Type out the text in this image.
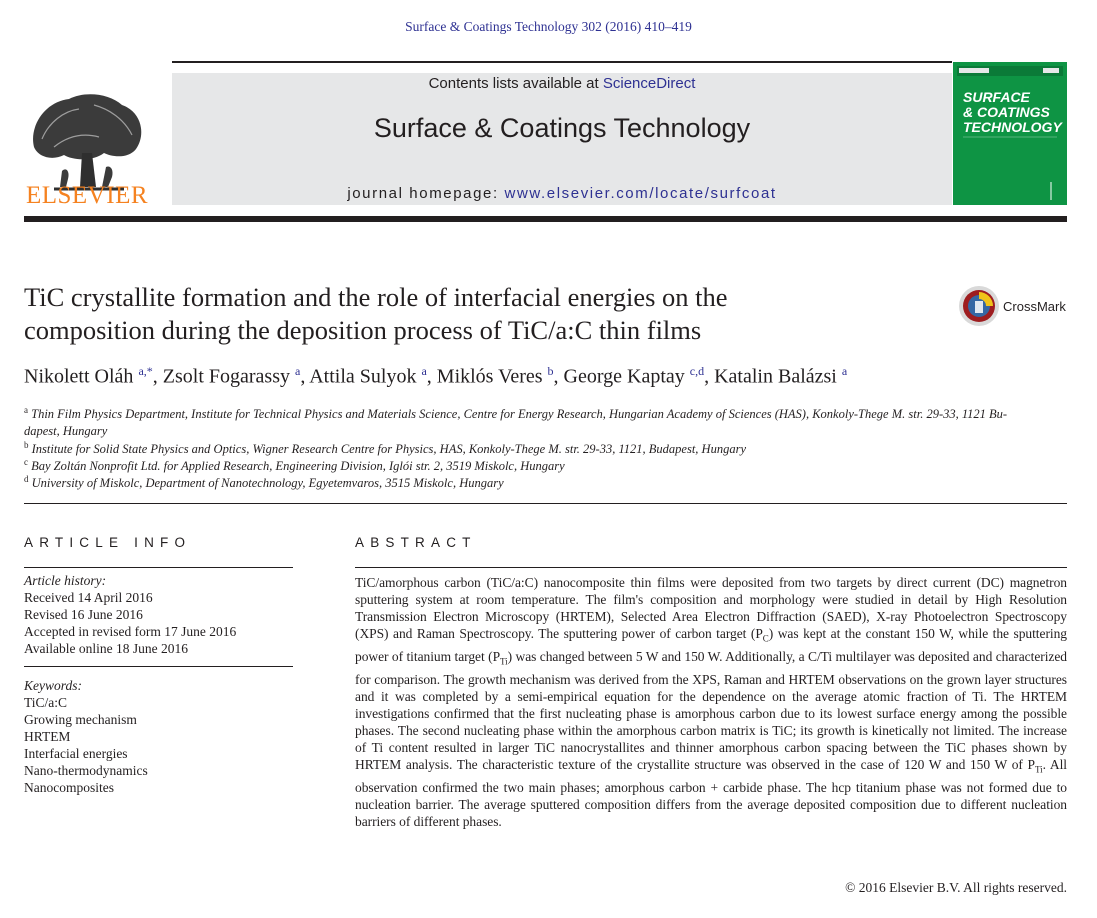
Surface & Coatings Technology 302 (2016) 410–419
ELSEVIER
Contents lists available at ScienceDirect
Surface & Coatings Technology
journal homepage: www.elsevier.com/locate/surfcoat
SURFACE
& COATINGS
TECHNOLOGY
TiC crystallite formation and the role of interfacial energies on the
composition during the deposition process of TiC/a:C thin films
CrossMark
Nikolett Oláh $^{a,*}$, Zsolt Fogarassy $^a$, Attila Sulyok $^a$, Miklós Veres $^b$, George Kaptay $^{c,d}$, Katalin Balázsi $^a$
$^a$ Thin Film Physics Department, Institute for Technical Physics and Materials Science, Centre for Energy Research, Hungarian Academy of Sciences (HAS), Konkoly-Thege M. str. 29-33, 1121 Bu-
dapest, Hungary
$^b$ Institute for Solid State Physics and Optics, Wigner Research Centre for Physics, HAS, Konkoly-Thege M. str. 29-33, 1121, Budapest, Hungary
$^c$ Bay Zoltán Nonprofit Ltd. for Applied Research, Engineering Division, Iglói str. 2, 3519 Miskolc, Hungary
$^d$ University of Miskolc, Department of Nanotechnology, Egyetemvaros, 3515 Miskolc, Hungary
ARTICLE INFO
Article history:
Received 14 April 2016
Revised 16 June 2016
Accepted in revised form 17 June 2016
Available online 18 June 2016
Keywords:
TiC/a:C
Growing mechanism
HRTEM
Interfacial energies
Nano-thermodynamics
Nanocomposites
ABSTRACT
TiC/amorphous carbon (TiC/a:C) nanocomposite thin films were deposited from two targets by direct current (DC) magnetron sputtering system at room temperature. The film's composition and morphology were studied in detail by High Resolution Transmission Electron Microscopy (HRTEM), Selected Area Electron Diffraction (SAED), X-ray Photoelectron Spectroscopy (XPS) and Raman Spectroscopy. The sputtering power of carbon target $(P_C)$ was kept at the constant 150 W, while the sputtering power of titanium target $(P_{Ti})$ was changed between 5 W and 150 W. Additionally, a C/Ti multilayer was deposited and characterized for comparison. The growth mechanism was derived from the XPS, Raman and HRTEM observations on the grown layer structures and it was completed by a semi-empirical equation for the dependence on the average atomic fraction of Ti. The HRTEM investigations confirmed that the first nucleating phase is amorphous carbon due to its lowest surface energy among the possible phases. The second nucleating phase within the amorphous carbon matrix is TiC; its growth is kinetically not limited. The increase of Ti content resulted in larger TiC nanocrystallites and thinner amorphous carbon spacing between the TiC phases shown by HRTEM analysis. The characteristic texture of the crystallite structure was observed in the case of 120 W and 150 W of $P_{Ti}$. All observation confirmed the two main phases; amorphous carbon + carbide phase. The hcp titanium phase was not formed due to nucleation barrier. The average sputtered composition differs from the average deposited composition due to different nucleation barriers of different phases.
© 2016 Elsevier B.V. All rights reserved.
